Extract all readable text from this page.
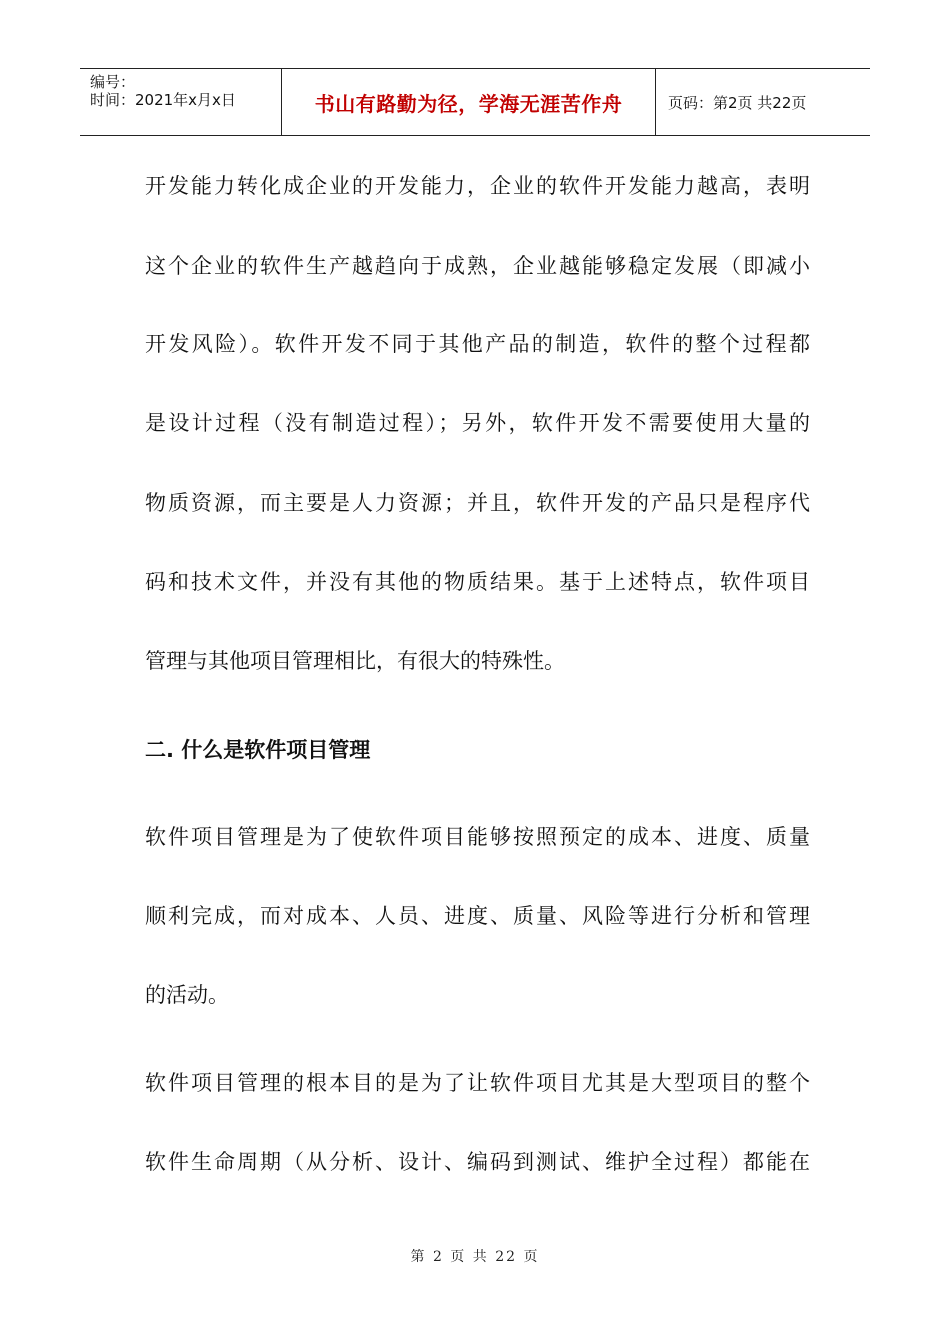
编号：
时间：2021年x月x日	书山有路勤为径，学海无涯苦作舟	页码：第2页 共22页
开发能力转化成企业的开发能力，企业的软件开发能力越高，表明
这个企业的软件生产越趋向于成熟，企业越能够稳定发展（即减小
开发风险）。软件开发不同于其他产品的制造，软件的整个过程都
是设计过程（没有制造过程）；另外，软件开发不需要使用大量的
物质资源，而主要是人力资源；并且，软件开发的产品只是程序代
码和技术文件，并没有其他的物质结果。基于上述特点，软件项目
管理与其他项目管理相比，有很大的特殊性。
二. 什么是软件项目管理
软件项目管理是为了使软件项目能够按照预定的成本、进度、质量
顺利完成，而对成本、人员、进度、质量、风险等进行分析和管理
的活动。
软件项目管理的根本目的是为了让软件项目尤其是大型项目的整个
软件生命周期（从分析、设计、编码到测试、维护全过程）都能在
第 2 页 共 22 页
